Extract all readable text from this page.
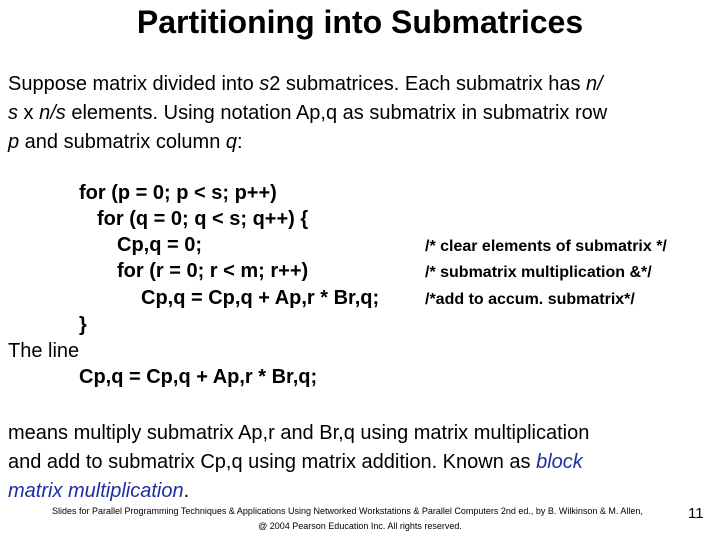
Partitioning into Submatrices
Suppose matrix divided into s2 submatrices. Each submatrix has n/
s x n/s elements. Using notation Ap,q as submatrix in submatrix row
p and submatrix column q:
for (p = 0; p < s; p++)
for (q = 0; q < s; q++) {
Cp,q = 0;
for (r = 0; r < m; r++)
Cp,q = Cp,q + Ap,r * Br,q;
}
/* clear elements of submatrix */
/* submatrix multiplication &*/
/*add to accum. submatrix*/
The line
Cp,q = Cp,q + Ap,r * Br,q;
means multiply submatrix Ap,r and Br,q using matrix multiplication
and add to submatrix Cp,q using matrix addition. Known as block
matrix multiplication.
Slides for Parallel Programming Techniques & Applications Using Networked Workstations & Parallel Computers 2nd ed., by B. Wilkinson & M. Allen,
@ 2004 Pearson Education Inc. All rights reserved.
11
